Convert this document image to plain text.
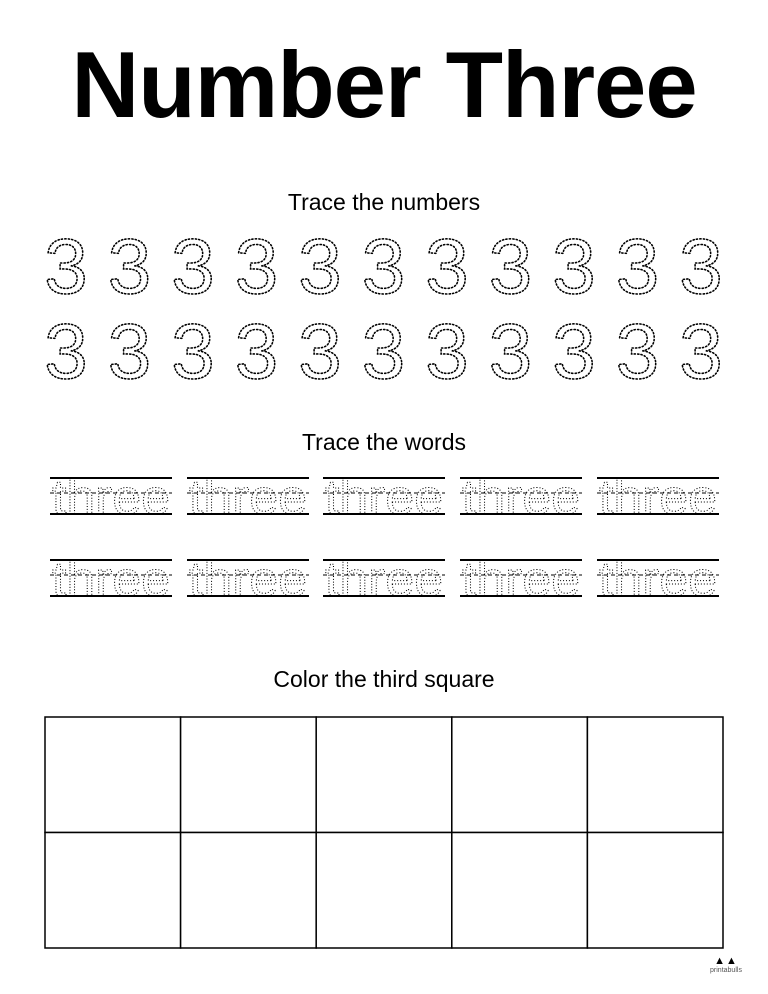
Number Three
Trace the numbers
3 3 3 3 3 3 3 3 3 3 3
3 3 3 3 3 3 3 3 3 3 3
Trace the words
three three three three three
three three three three three
Color the third square
▲▲
printabulls
